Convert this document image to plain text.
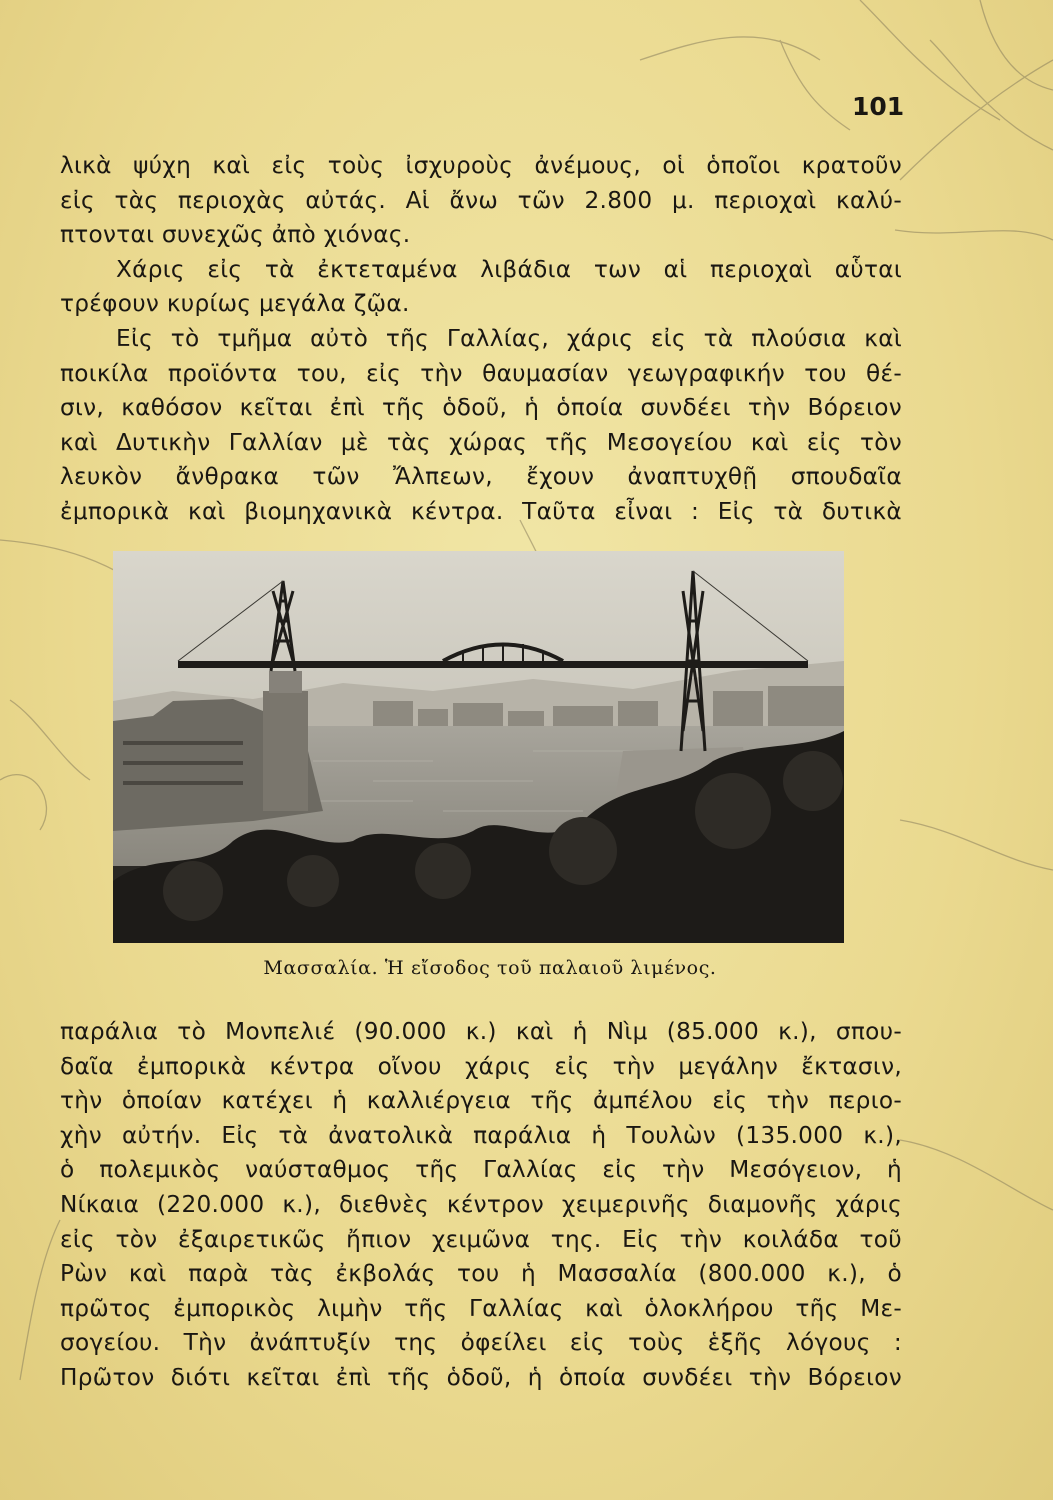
101

λικὰ ψύχη καὶ εἰς τοὺς ἰσχυροὺς ἀνέμους, οἱ ὁποῖοι κρατοῦν
εἰς τὰς περιοχὰς αὐτάς. Αἱ ἄνω τῶν 2.800 μ. περιοχαὶ καλύ-
πτονται συνεχῶς ἀπὸ χιόνας.
Χάρις εἰς τὰ ἐκτεταμένα λιβάδια των αἱ περιοχαὶ αὗται
τρέφουν κυρίως μεγάλα ζῷα.
Εἰς τὸ τμῆμα αὐτὸ τῆς Γαλλίας, χάρις εἰς τὰ πλούσια καὶ
ποικίλα προϊόντα του, εἰς τὴν θαυμασίαν γεωγραφικήν του θέ-
σιν, καθόσον κεῖται ἐπὶ τῆς ὁδοῦ, ἡ ὁποία συνδέει τὴν Βόρειον
καὶ Δυτικὴν Γαλλίαν μὲ τὰς χώρας τῆς Μεσογείου καὶ εἰς τὸν
λευκὸν ἄνθρακα τῶν Ἄλπεων, ἔχουν ἀναπτυχθῇ σπουδαῖα
ἐμπορικὰ καὶ βιομηχανικὰ κέντρα. Ταῦτα εἶναι : Εἰς τὰ δυτικὰ

Μασσαλία. Ἡ εἴσοδος τοῦ παλαιοῦ λιμένος.

παράλια τὸ Μονπελιέ (90.000 κ.) καὶ ἡ Νὶμ (85.000 κ.), σπου-
δαῖα ἐμπορικὰ κέντρα οἴνου χάρις εἰς τὴν μεγάλην ἔκτασιν,
τὴν ὁποίαν κατέχει ἡ καλλιέργεια τῆς ἀμπέλου εἰς τὴν περιο-
χὴν αὐτήν. Εἰς τὰ ἀνατολικὰ παράλια ἡ Τουλὼν (135.000 κ.),
ὁ πολεμικὸς ναύσταθμος τῆς Γαλλίας εἰς τὴν Μεσόγειον, ἡ
Νίκαια (220.000 κ.), διεθνὲς κέντρον χειμερινῆς διαμονῆς χάρις
εἰς τὸν ἐξαιρετικῶς ἤπιον χειμῶνα της. Εἰς τὴν κοιλάδα τοῦ
Ρὼν καὶ παρὰ τὰς ἐκβολάς του ἡ Μασσαλία (800.000 κ.), ὁ
πρῶτος ἐμπορικὸς λιμὴν τῆς Γαλλίας καὶ ὁλοκλήρου τῆς Με-
σογείου. Τὴν ἀνάπτυξίν της ὀφείλει εἰς τοὺς ἑξῆς λόγους :
Πρῶτον διότι κεῖται ἐπὶ τῆς ὁδοῦ, ἡ ὁποία συνδέει τὴν Βόρειον
